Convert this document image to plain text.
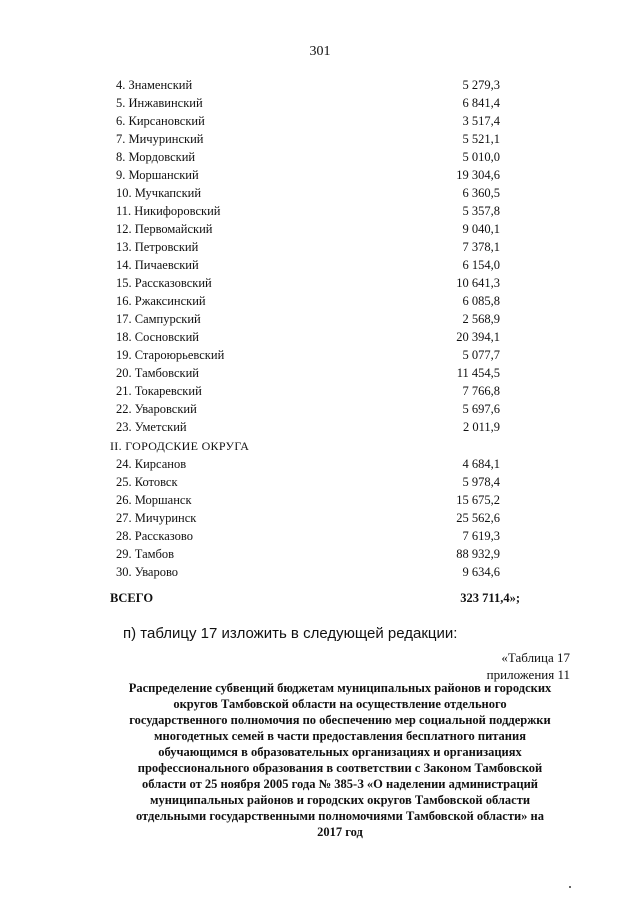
301
4. Знаменский	5 279,3
5. Инжавинский	6 841,4
6. Кирсановский	3 517,4
7. Мичуринский	5 521,1
8. Мордовский	5 010,0
9. Моршанский	19 304,6
10. Мучкапский	6 360,5
11. Никифоровский	5 357,8
12. Первомайский	9 040,1
13. Петровский	7 378,1
14. Пичаевский	6 154,0
15. Рассказовский	10 641,3
16. Ржаксинский	6 085,8
17. Сампурский	2 568,9
18. Сосновский	20 394,1
19. Староюрьевский	5 077,7
20. Тамбовский	11 454,5
21. Токаревский	7 766,8
22. Уваровский	5 697,6
23. Уметский	2 011,9
II. ГОРОДСКИЕ ОКРУГА
24. Кирсанов	4 684,1
25. Котовск	5 978,4
26. Моршанск	15 675,2
27. Мичуринск	25 562,6
28. Рассказово	7 619,3
29. Тамбов	88 932,9
30. Уварово	9 634,6
ВСЕГО	323 711,4»;
п) таблицу 17 изложить в следующей редакции:
«Таблица 17
приложения 11
Распределение субвенций бюджетам муниципальных районов и городских
округов Тамбовской области на осуществление отдельного
государственного полномочия по обеспечению мер социальной поддержки
многодетных семей в части предоставления бесплатного питания
обучающимся в образовательных организациях и организациях
профессионального образования в соответствии с Законом Тамбовской
области от 25 ноября 2005 года № 385-З «О наделении администраций
муниципальных районов и городских округов Тамбовской области
отдельными государственными полномочиями Тамбовской области» на
2017 год
